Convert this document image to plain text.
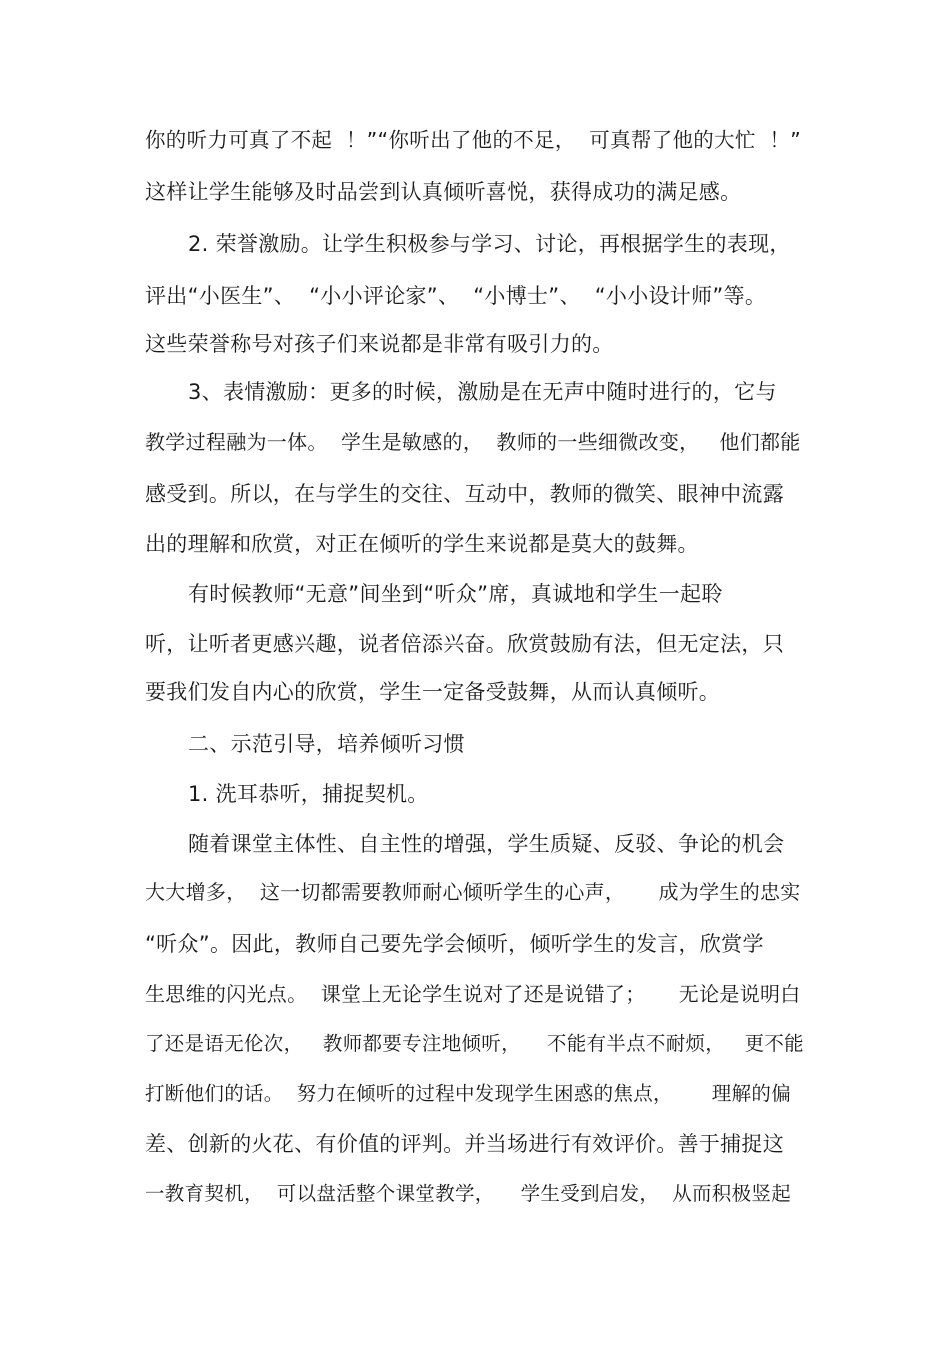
你的听力可真了不起  ！”“你听出了他的不足，  可真帮了他的大忙  ！”
这样让学生能够及时品尝到认真倾听喜悦，获得成功的满足感。
2. 荣誉激励。让学生积极参与学习、讨论，再根据学生的表现，
评出“小医生”、  “小小评论家”、  “小博士”、  “小小设计师”等。
这些荣誉称号对孩子们来说都是非常有吸引力的。
3、表情激励：更多的时候，激励是在无声中随时进行的，它与
教学过程融为一体。  学生是敏感的，  教师的一些细微改变，   他们都能
感受到。所以，在与学生的交往、互动中，教师的微笑、眼神中流露
出的理解和欣赏，对正在倾听的学生来说都是莫大的鼓舞。
有时候教师“无意”间坐到“听众”席，真诚地和学生一起聆
听，让听者更感兴趣，说者倍添兴奋。欣赏鼓励有法，但无定法，只
要我们发自内心的欣赏，学生一定备受鼓舞，从而认真倾听。
二、示范引导，培养倾听习惯
1. 洗耳恭听，捕捉契机。
随着课堂主体性、自主性的增强，学生质疑、反驳、争论的机会
大大增多，  这一切都需要教师耐心倾听学生的心声，     成为学生的忠实
“听众”。因此，教师自己要先学会倾听，倾听学生的发言，欣赏学
生思维的闪光点。  课堂上无论学生说对了还是说错了；     无论是说明白
了还是语无伦次，   教师都要专注地倾听，    不能有半点不耐烦，   更不能
打断他们的话。  努力在倾听的过程中发现学生困惑的焦点，      理解的偏
差、创新的火花、有价值的评判。并当场进行有效评价。善于捕捉这
一教育契机，  可以盘活整个课堂教学，    学生受到启发，  从而积极竖起
